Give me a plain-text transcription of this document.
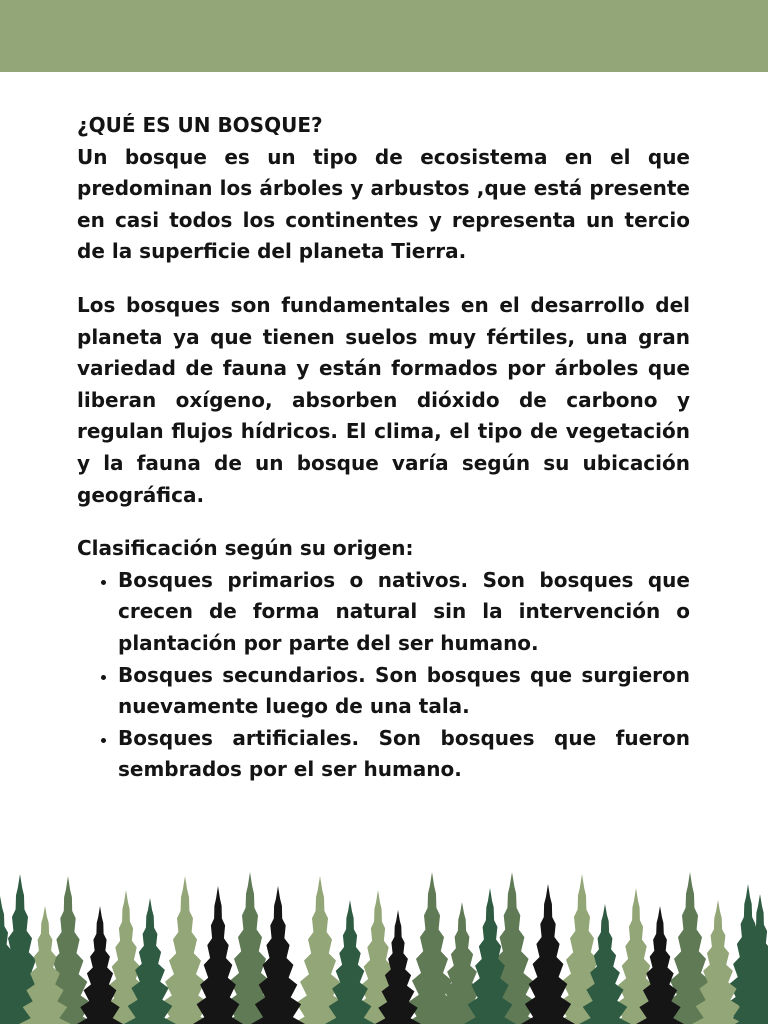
¿QUÉ ES UN BOSQUE?

Un bosque es un tipo de ecosistema en el que predominan los árboles y arbustos ,que está presente en casi todos los continentes y representa un tercio de la superficie del planeta Tierra.

Los bosques son fundamentales en el desarrollo del planeta ya que tienen suelos muy fértiles, una gran variedad de fauna y están formados por árboles que liberan oxígeno, absorben dióxido de carbono y regulan flujos hídricos. El clima, el tipo de vegetación y la fauna de un bosque varía según su ubicación geográfica.

Clasificación según su origen:

• Bosques primarios o nativos. Son bosques que crecen de forma natural sin la intervención o plantación por parte del ser humano.
• Bosques secundarios. Son bosques que surgieron nuevamente luego de una tala.
• Bosques artificiales. Son bosques que fueron sembrados por el ser humano.
